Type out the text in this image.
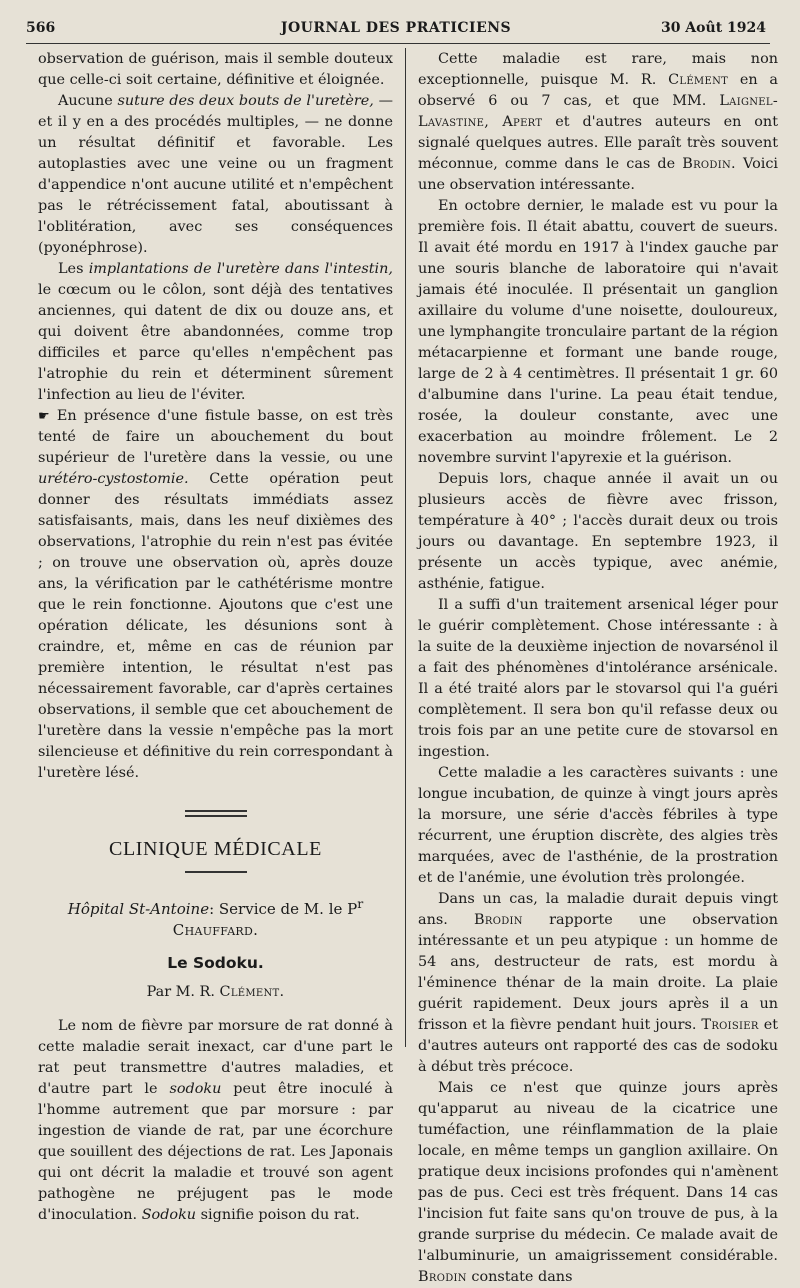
566	JOURNAL DES PRATICIENS	30 Août 1924

observation de guérison, mais il semble douteux que celle-ci soit certaine, définitive et éloignée.

Aucune suture des deux bouts de l'uretère, — et il y en a des procédés multiples, — ne donne un résultat définitif et favorable. Les autoplasties avec une veine ou un fragment d'appendice n'ont aucune utilité et n'empêchent pas le rétrécissement fatal, aboutissant à l'oblitération, avec ses conséquences (pyonéphrose).

Les implantations de l'uretère dans l'intestin, le cœcum ou le côlon, sont déjà des tentatives anciennes, qui datent de dix ou douze ans, et qui doivent être abandonnées, comme trop difficiles et parce qu'elles n'empêchent pas l'atrophie du rein et déterminent sûrement l'infection au lieu de l'éviter.

☛ En présence d'une fistule basse, on est très tenté de faire un abouchement du bout supérieur de l'uretère dans la vessie, ou une urétéro-cystostomie. Cette opération peut donner des résultats immédiats assez satisfaisants, mais, dans les neuf dixièmes des observations, l'atrophie du rein n'est pas évitée ; on trouve une observation où, après douze ans, la vérification par le cathétérisme montre que le rein fonctionne. Ajoutons que c'est une opération délicate, les désunions sont à craindre, et, même en cas de réunion par première intention, le résultat n'est pas nécessairement favorable, car d'après certaines observations, il semble que cet abouchement de l'uretère dans la vessie n'empêche pas la mort silencieuse et définitive du rein correspondant à l'uretère lésé.

CLINIQUE MÉDICALE
Hôpital St-Antoine: Service de M. le $P^r$ Chauffard.
Le Sodoku.
Par M. R. Clément.

Le nom de fièvre par morsure de rat donné à cette maladie serait inexact, car d'une part le rat peut transmettre d'autres maladies, et d'autre part le sodoku peut être inoculé à l'homme autrement que par morsure : par ingestion de viande de rat, par une écorchure que souillent des déjections de rat. Les Japonais qui ont décrit la maladie et trouvé son agent pathogène ne préjugent pas le mode d'inoculation. Sodoku signifie poison du rat.

Cette maladie est rare, mais non exceptionnelle, puisque M. R. Clément en a observé 6 ou 7 cas, et que MM. Laignel-Lavastine, Apert et d'autres auteurs en ont signalé quelques autres. Elle paraît très souvent méconnue, comme dans le cas de Brodin. Voici une observation intéressante.

En octobre dernier, le malade est vu pour la première fois. Il était abattu, couvert de sueurs. Il avait été mordu en 1917 à l'index gauche par une souris blanche de laboratoire qui n'avait jamais été inoculée. Il présentait un ganglion axillaire du volume d'une noisette, douloureux, une lymphangite tronculaire partant de la région métacarpienne et formant une bande rouge, large de 2 à 4 centimètres. Il présentait 1 gr. 60 d'albumine dans l'urine. La peau était tendue, rosée, la douleur constante, avec une exacerbation au moindre frôlement. Le 2 novembre survint l'apyrexie et la guérison.

Depuis lors, chaque année il avait un ou plusieurs accès de fièvre avec frisson, température à 40° ; l'accès durait deux ou trois jours ou davantage. En septembre 1923, il présente un accès typique, avec anémie, asthénie, fatigue.

Il a suffi d'un traitement arsenical léger pour le guérir complètement. Chose intéressante : à la suite de la deuxième injection de novarsénol il a fait des phénomènes d'intolérance arsénicale. Il a été traité alors par le stovarsol qui l'a guéri complètement. Il sera bon qu'il refasse deux ou trois fois par an une petite cure de stovarsol en ingestion.

Cette maladie a les caractères suivants : une longue incubation, de quinze à vingt jours après la morsure, une série d'accès fébriles à type récurrent, une éruption discrète, des algies très marquées, avec de l'asthénie, de la prostration et de l'anémie, une évolution très prolongée.

Dans un cas, la maladie durait depuis vingt ans. Brodin rapporte une observation intéressante et un peu atypique : un homme de 54 ans, destructeur de rats, est mordu à l'éminence thénar de la main droite. La plaie guérit rapidement. Deux jours après il a un frisson et la fièvre pendant huit jours. Troisier et d'autres auteurs ont rapporté des cas de sodoku à début très précoce.

Mais ce n'est que quinze jours après qu'apparut au niveau de la cicatrice une tuméfaction, une réinflammation de la plaie locale, en même temps un ganglion axillaire. On pratique deux incisions profondes qui n'amènent pas de pus. Ceci est très fréquent. Dans 14 cas l'incision fut faite sans qu'on trouve de pus, à la grande surprise du médecin. Ce malade avait de l'albuminurie, un amaigrissement considérable. Brodin constate dans
